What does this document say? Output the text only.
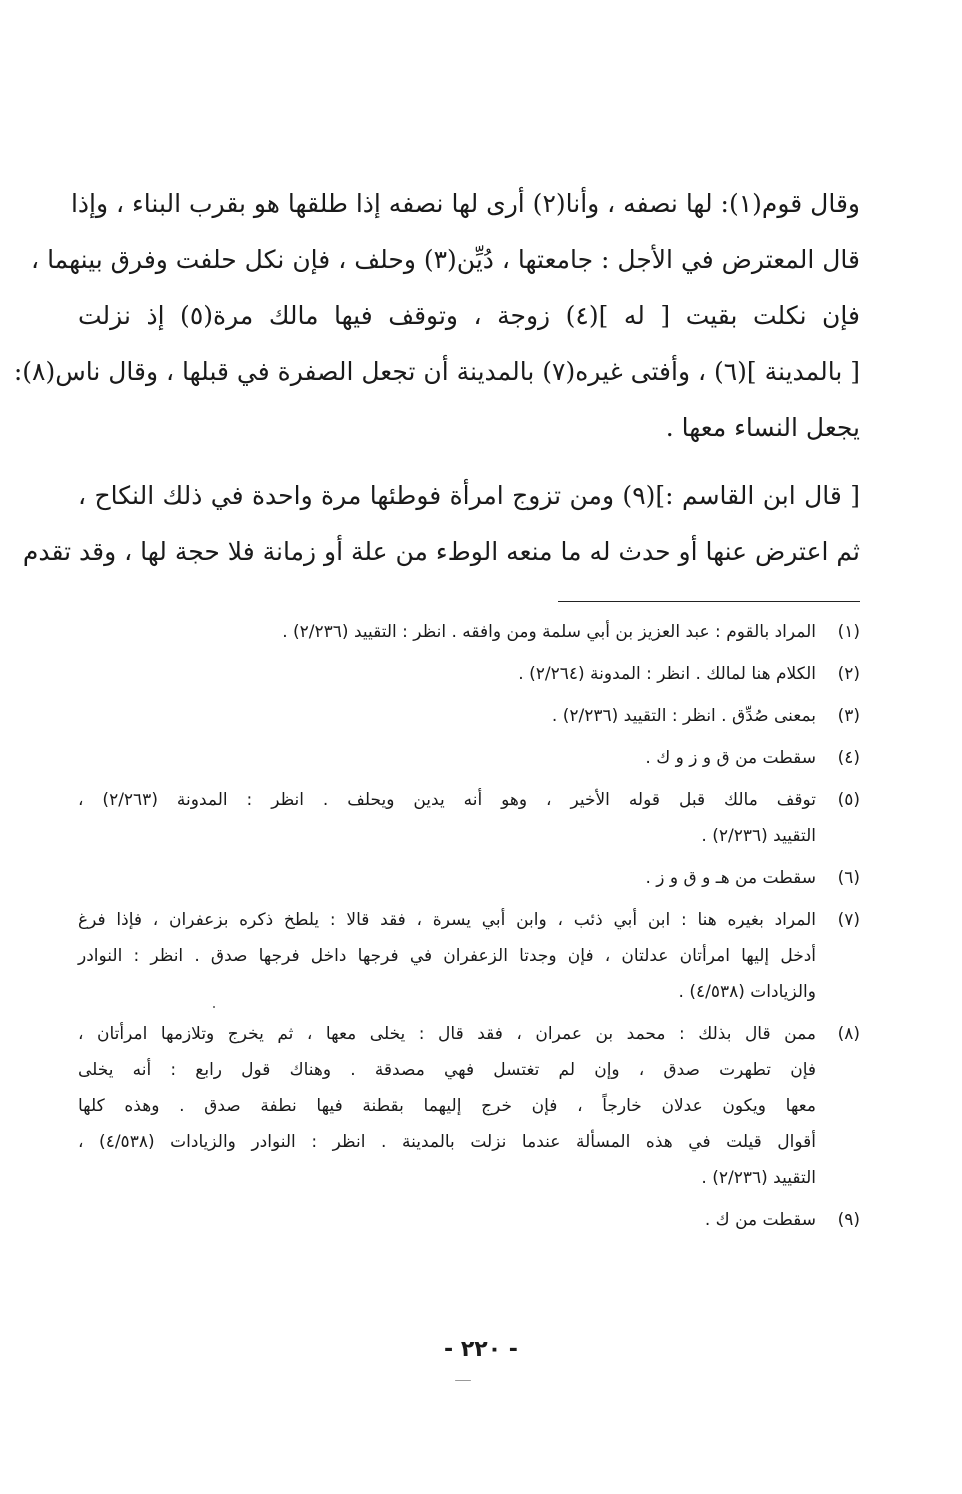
وقال قوم(١): لها نصفه ، وأنا(٢) أرى لها نصفه إذا طلقها هو بقرب البناء ، وإذا
قال المعترض في الأجل : جامعتها ، دُيِّن(٣) وحلف ، فإن نكل حلفت وفرق بينهما ،
فإن نكلت بقيت [ له ](٤) زوجة ، وتوقف فيها مالك مرة(٥) إذ نزلت
[ بالمدينة ](٦) ، وأفتى غيره(٧) بالمدينة أن تجعل الصفرة في قبلها ، وقال ناس(٨):
يجعل النساء معها .

[ قال ابن القاسم :](٩) ومن تزوج امرأة فوطئها مرة واحدة في ذلك النكاح ،
ثم اعترض عنها أو حدث له ما منعه الوطء من علة أو زمانة فلا حجة لها ، وقد تقدم

(١)
المراد بالقوم : عبد العزيز بن أبي سلمة ومن وافقه . انظر : التقييد (٢/٢٣٦) .
(٢)
الكلام هنا لمالك . انظر : المدونة (٢/٢٦٤) .
(٣)
بمعنى صُدِّق . انظر : التقييد (٢/٢٣٦) .
(٤)
سقطت من ق و ز و ك .
(٥)
توقف مالك قبل قوله الأخير ، وهو أنه يدين ويحلف . انظر : المدونة (٢/٢٦٣) ،
التقييد (٢/٢٣٦) .
(٦)
سقطت من هـ و ق و ز .
(٧)
المراد بغيره هنا : ابن أبي ذئب ، وابن أبي يسرة ، فقد قالا : يلطخ ذكره بزعفران ، فإذا فرغ
أدخل إليها امرأتان عدلتان ، فإن وجدتا الزعفران في فرجها داخل فرجها صدق . انظر : النوادر
والزيادات (٤/٥٣٨) .
(٨)
ممن قال بذلك : محمد بن عمران ، فقد قال : يخلى معها ، ثم يخرج وتلازمها امرأتان ،
فإن تطهرت صدق ، وإن لم تغتسل فهي مصدقة . وهناك قول رابع : أنه يخلى
معها ويكون عدلان خارجاً ، فإن خرج إليهما بقطنة فيها نطفة صدق . وهذه كلها
أقوال قيلت في هذه المسألة عندما نزلت بالمدينة . انظر : النوادر والزيادات (٤/٥٣٨) ،
التقييد (٢/٢٣٦) .
(٩)
سقطت من ك .
- ٢٢٠ -
